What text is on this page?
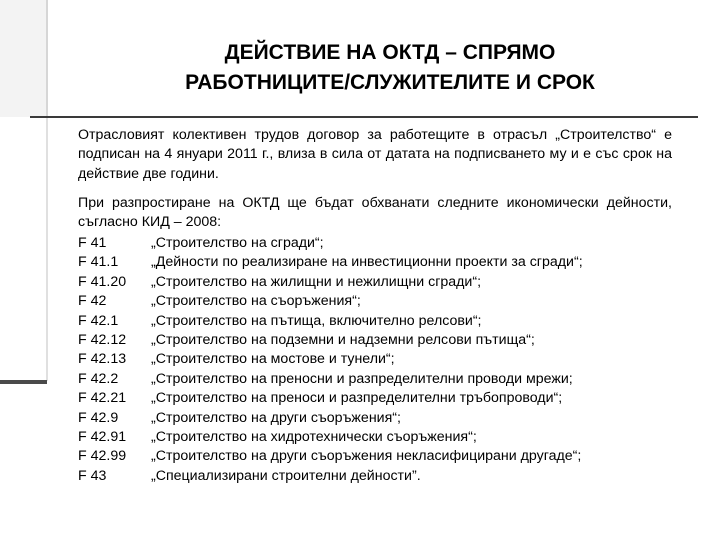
ДЕЙСТВИЕ НА ОКТД – СПРЯМО
РАБОТНИЦИТЕ/СЛУЖИТЕЛИТЕ И СРОК
Отрасловият колективен трудов договор за работещите в отрасъл „Строителство“ е подписан на 4 януари 2011 г., влиза в сила от датата на подписването му и е със срок на действие две години.
При разпростиране на ОКТД ще бъдат обхванати следните икономически дейности, съгласно КИД – 2008:
F 41	„Строителство на сгради“;
F 41.1	„Дейности по реализиране на инвестиционни проекти за сгради“;
F 41.20	„Строителство на жилищни и нежилищни сгради“;
F 42	„Строителство на съоръжения“;
F 42.1	„Строителство на пътища, включително релсови“;
F 42.12	„Строителство на подземни и надземни релсови пътища“;
F 42.13	„Строителство на мостове и тунели“;
F 42.2	„Строителство на преносни и разпределителни проводи мрежи;
F 42.21	„Строителство на преноси и разпределителни тръбопроводи“;
F 42.9	„Строителство на други съоръжения“;
F 42.91	„Строителство на хидротехнически съоръжения“;
F 42.99	„Строителство на други съоръжения некласифицирани другаде“;
F 43	„Специализирани строителни дейности”.
